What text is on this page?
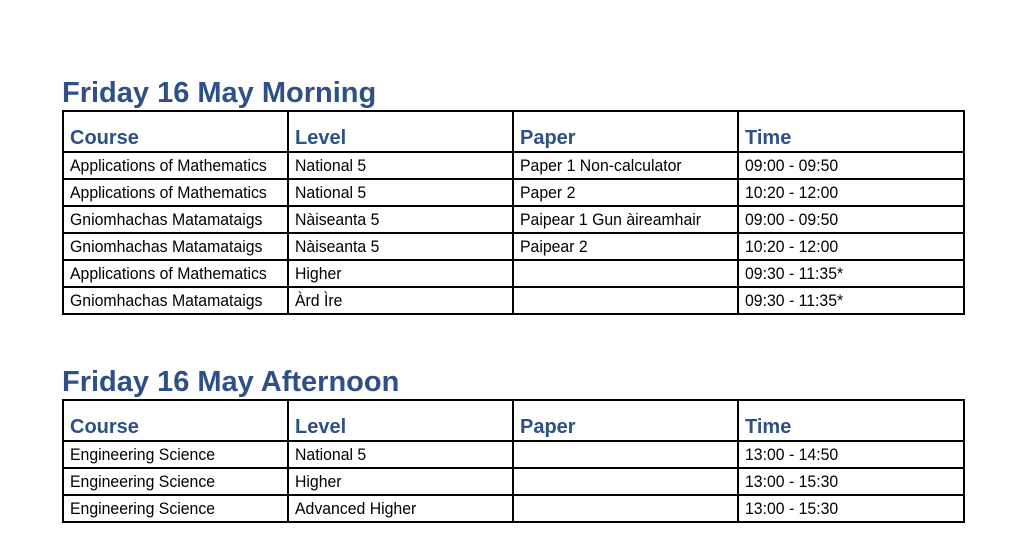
Friday 16 May Morning
Course	Level	Paper	Time
Applications of Mathematics	National 5	Paper 1 Non-calculator	09:00 - 09:50
Applications of Mathematics	National 5	Paper 2	10:20 - 12:00
Gniomhachas Matamataigs	Nàiseanta 5	Paipear 1 Gun àireamhair	09:00 - 09:50
Gniomhachas Matamataigs	Nàiseanta 5	Paipear 2	10:20 - 12:00
Applications of Mathematics	Higher		09:30 - 11:35*
Gniomhachas Matamataigs	Àrd Ìre		09:30 - 11:35*
Friday 16 May Afternoon
Course	Level	Paper	Time
Engineering Science	National 5		13:00 - 14:50
Engineering Science	Higher		13:00 - 15:30
Engineering Science	Advanced Higher		13:00 - 15:30
